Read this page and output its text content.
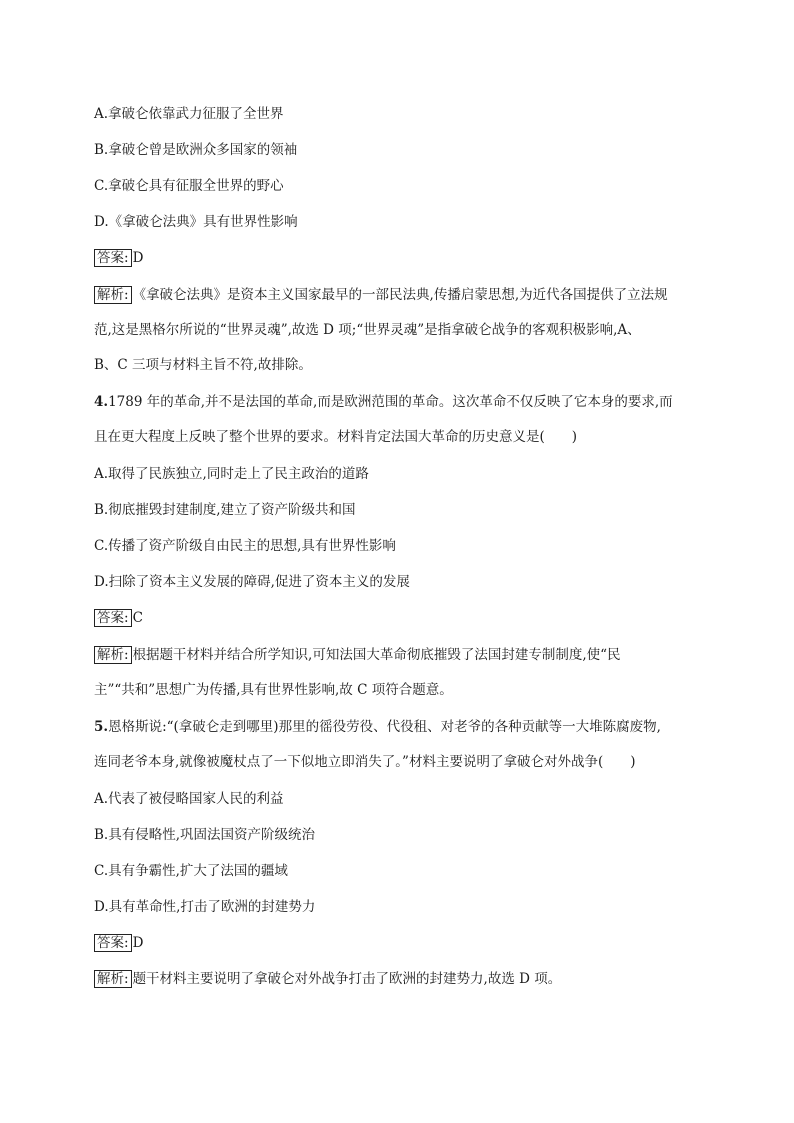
A.拿破仑依靠武力征服了全世界
B.拿破仑曾是欧洲众多国家的领袖
C.拿破仑具有征服全世界的野心
D.《拿破仑法典》具有世界性影响
答案: D
解析: 《拿破仑法典》是资本主义国家最早的一部民法典,传播启蒙思想,为近代各国提供了立法规
范,这是黑格尔所说的“世界灵魂”,故选 D 项;“世界灵魂”是指拿破仑战争的客观积极影响,A、
B、C 三项与材料主旨不符,故排除。
4.1789 年的革命,并不是法国的革命,而是欧洲范围的革命。这次革命不仅反映了它本身的要求,而
且在更大程度上反映了整个世界的要求。材料肯定法国大革命的历史意义是(　　)
A.取得了民族独立,同时走上了民主政治的道路
B.彻底摧毁封建制度,建立了资产阶级共和国
C.传播了资产阶级自由民主的思想,具有世界性影响
D.扫除了资本主义发展的障碍,促进了资本主义的发展
答案: C
解析: 根据题干材料并结合所学知识,可知法国大革命彻底摧毁了法国封建专制制度,使“民
主”“共和”思想广为传播,具有世界性影响,故 C 项符合题意。
5.恩格斯说:“(拿破仑走到哪里)那里的徭役劳役、代役租、对老爷的各种贡献等一大堆陈腐废物,
连同老爷本身,就像被魔杖点了一下似地立即消失了。”材料主要说明了拿破仑对外战争(　　)
A.代表了被侵略国家人民的利益
B.具有侵略性,巩固法国资产阶级统治
C.具有争霸性,扩大了法国的疆域
D.具有革命性,打击了欧洲的封建势力
答案: D
解析: 题干材料主要说明了拿破仑对外战争打击了欧洲的封建势力,故选 D 项。
